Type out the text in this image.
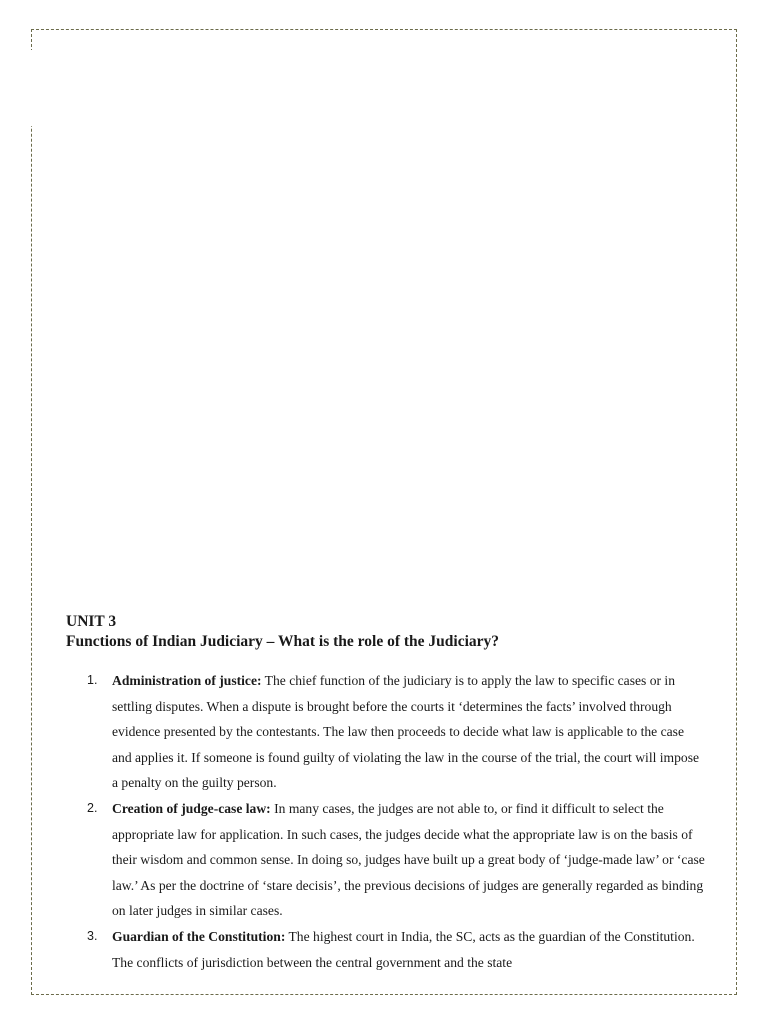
UNIT 3

Functions of Indian Judiciary – What is the role of the Judiciary?

1. Administration of justice: The chief function of the judiciary is to apply the law to specific cases or in settling disputes. When a dispute is brought before the courts it ‘determines the facts’ involved through evidence presented by the contestants. The law then proceeds to decide what law is applicable to the case and applies it. If someone is found guilty of violating the law in the course of the trial, the court will impose a penalty on the guilty person.
2. Creation of judge-case law: In many cases, the judges are not able to, or find it difficult to select the appropriate law for application. In such cases, the judges decide what the appropriate law is on the basis of their wisdom and common sense. In doing so, judges have built up a great body of ‘judge-made law’ or ‘case law.’ As per the doctrine of ‘stare decisis’, the previous decisions of judges are generally regarded as binding on later judges in similar cases.
3. Guardian of the Constitution: The highest court in India, the SC, acts as the guardian of the Constitution. The conflicts of jurisdiction between the central government and the state
